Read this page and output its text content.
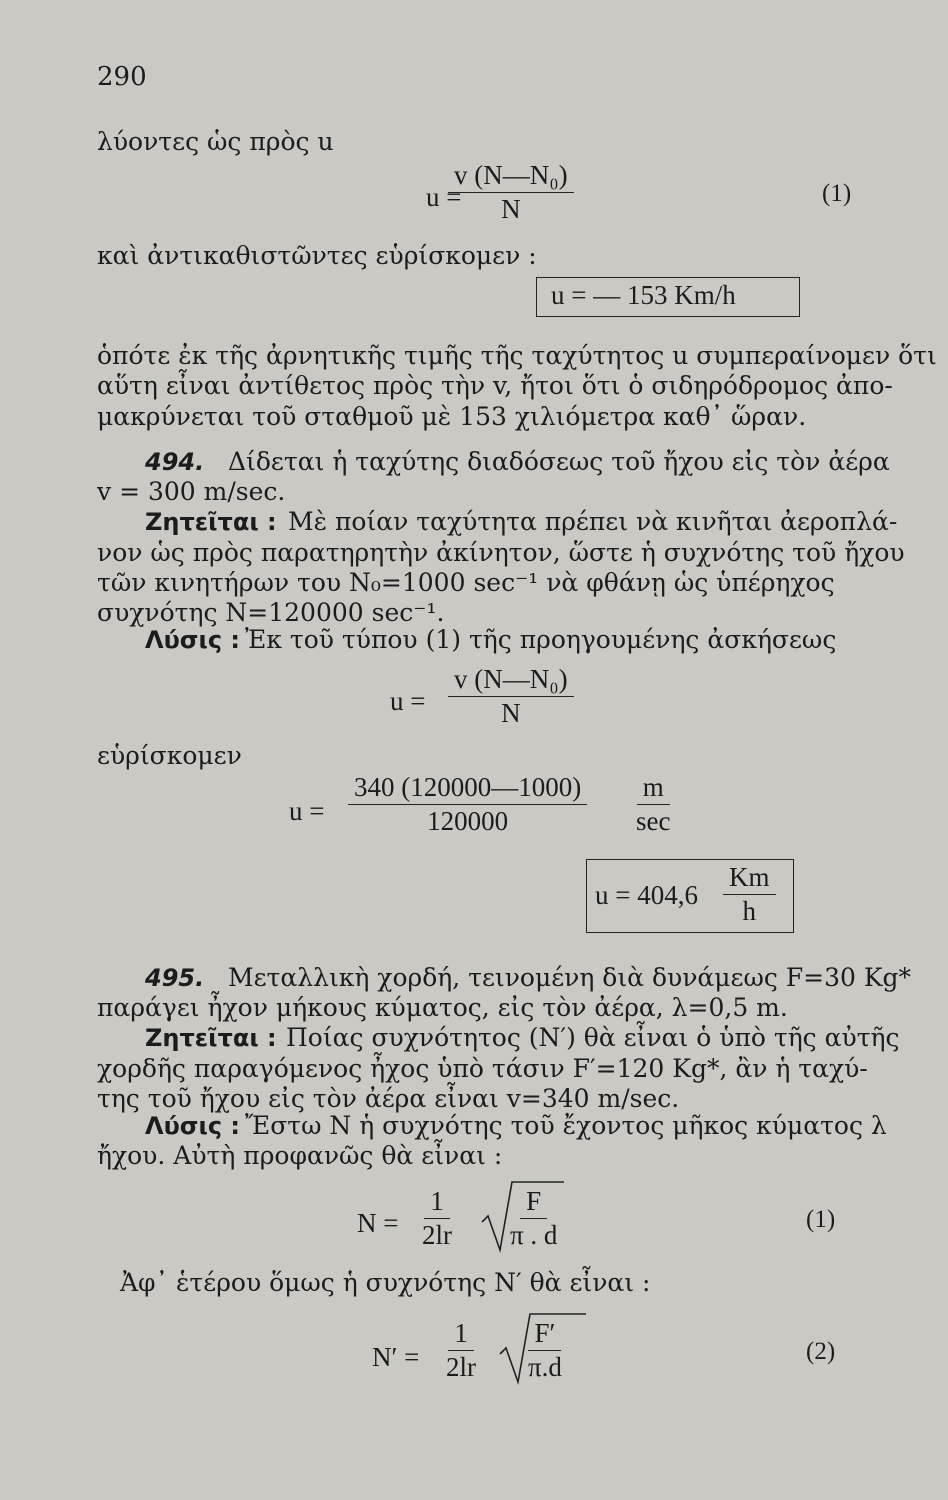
290
λύοντες ὡς πρὸς u
u =
$\frac{\text{v (N—N₀)}}{N}$	(1)
καὶ ἀντικαθιστῶντες εὑρίσκομεν :
u = — 153 Km/h
ὁπότε ἐκ τῆς ἀρνητικῆς τιμῆς τῆς ταχύτητος u συμπεραίνομεν ὅτι
αὕτη εἶναι ἀντίθετος πρὸς τὴν v, ἤτοι ὅτι ὁ σιδηρόδρομος ἀπο-
μακρύνεται τοῦ σταθμοῦ μὲ 153 χιλιόμετρα καθ᾽ ὥραν.
494. Δίδεται ἡ ταχύτης διαδόσεως τοῦ ἤχου εἰς τὸν ἀέρα
v = 300 m/sec.
Ζητεῖται : Μὲ ποίαν ταχύτητα πρέπει νὰ κινῆται ἀεροπλά-
νον ὡς πρὸς παρατηρητὴν ἀκίνητον, ὥστε ἡ συχνότης τοῦ ἤχου
τῶν κινητήρων του N₀=1000 sec⁻¹ νὰ φθάνῃ ὡς ὑπέρηχος
συχνότης N=120000 sec⁻¹.
Λύσις : Ἐκ τοῦ τύπου (1) τῆς προηγουμένης ἀσκήσεως
$u = \frac{\text{v (N—N₀)}}{N}$
εὑρίσκομεν
$u = \frac{340 (120000—1000)}{120000}$ m
sec
$u = 404,6 \frac{Km}{h}$
495. Μεταλλικὴ χορδή, τεινομένη διὰ δυνάμεως F=30 Kg*
παράγει ἦχον μήκους κύματος, εἰς τὸν ἀέρα, λ=0,5 m.
Ζητεῖται : Ποίας συχνότητος (N′) θὰ εἶναι ὁ ὑπὸ τῆς αὐτῆς
χορδῆς παραγόμενος ἦχος ὑπὸ τάσιν F′=120 Kg*, ἂν ἡ ταχύ-
της τοῦ ἤχου εἰς τὸν ἀέρα εἶναι v=340 m/sec.
Λύσις : Ἔστω N ἡ συχνότης τοῦ ἔχοντος μῆκος κύματος λ
ἤχου. Αὐτὴ προφανῶς θὰ εἶναι :
$N = \frac{1}{2lr} \frac{F}{\pi . d}$	(1)
Ἀφ᾽ ἑτέρου ὅμως ἡ συχνότης N′ θὰ εἶναι :
$N' = \frac{1}{2lr} \frac{F'}{\pi.d}$	(2)
